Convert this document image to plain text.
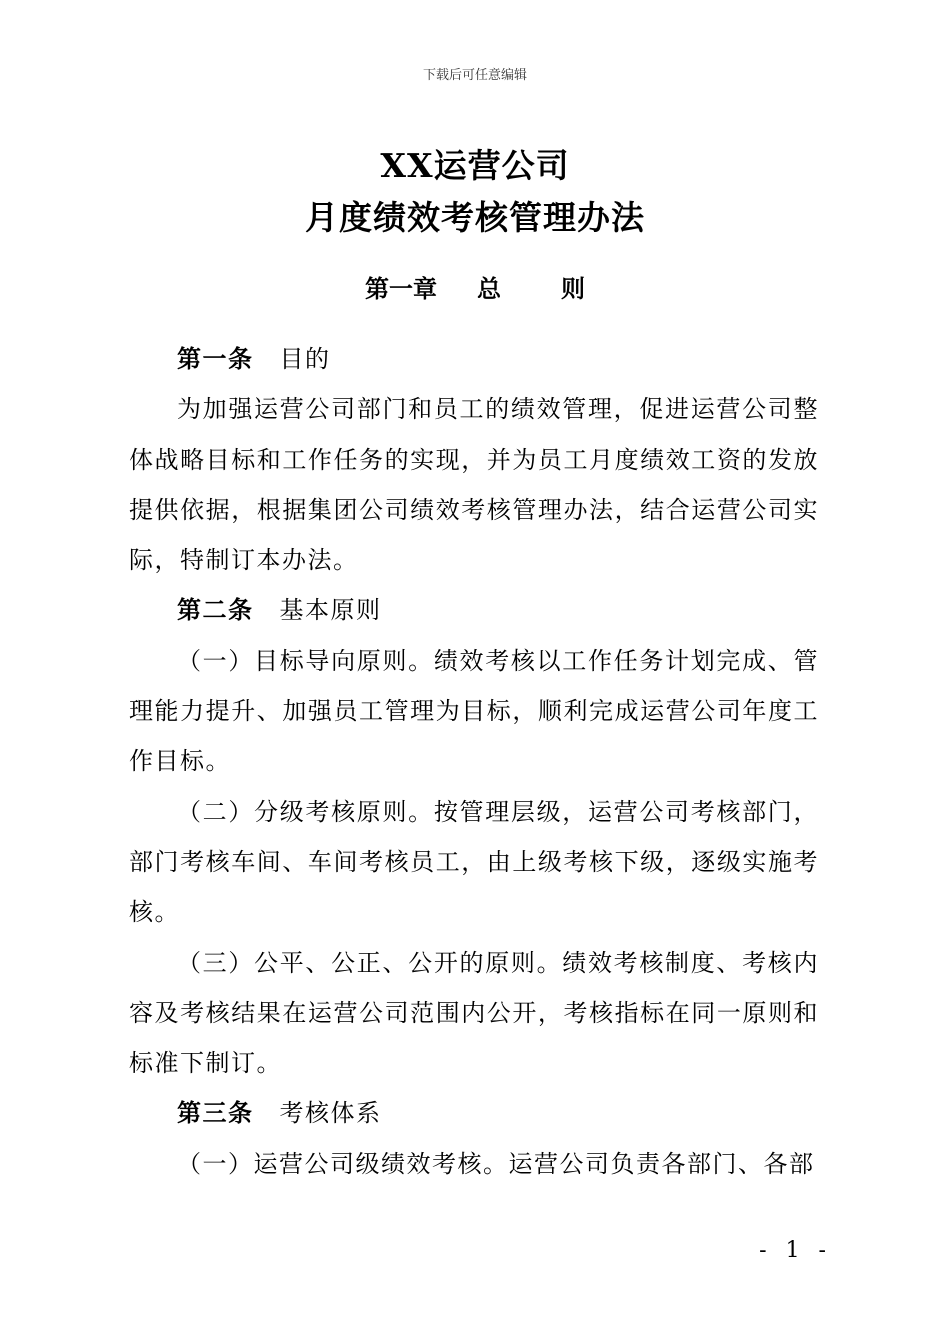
下载后可任意编辑
XX运营公司
月度绩效考核管理办法
第一章 总	则

第一条 目的

为加强运营公司部门和员工的绩效管理，促进运营公司整体战略目标和工作任务的实现，并为员工月度绩效工资的发放提供依据，根据集团公司绩效考核管理办法，结合运营公司实际，特制订本办法。

第二条 基本原则

（一）目标导向原则。绩效考核以工作任务计划完成、管理能力提升、加强员工管理为目标，顺利完成运营公司年度工作目标。

（二）分级考核原则。按管理层级，运营公司考核部门，部门考核车间、车间考核员工，由上级考核下级，逐级实施考核。

（三）公平、公正、公开的原则。绩效考核制度、考核内容及考核结果在运营公司范围内公开，考核指标在同一原则和标准下制订。

第三条 考核体系

（一）运营公司级绩效考核。运营公司负责各部门、各部

- 1 -
